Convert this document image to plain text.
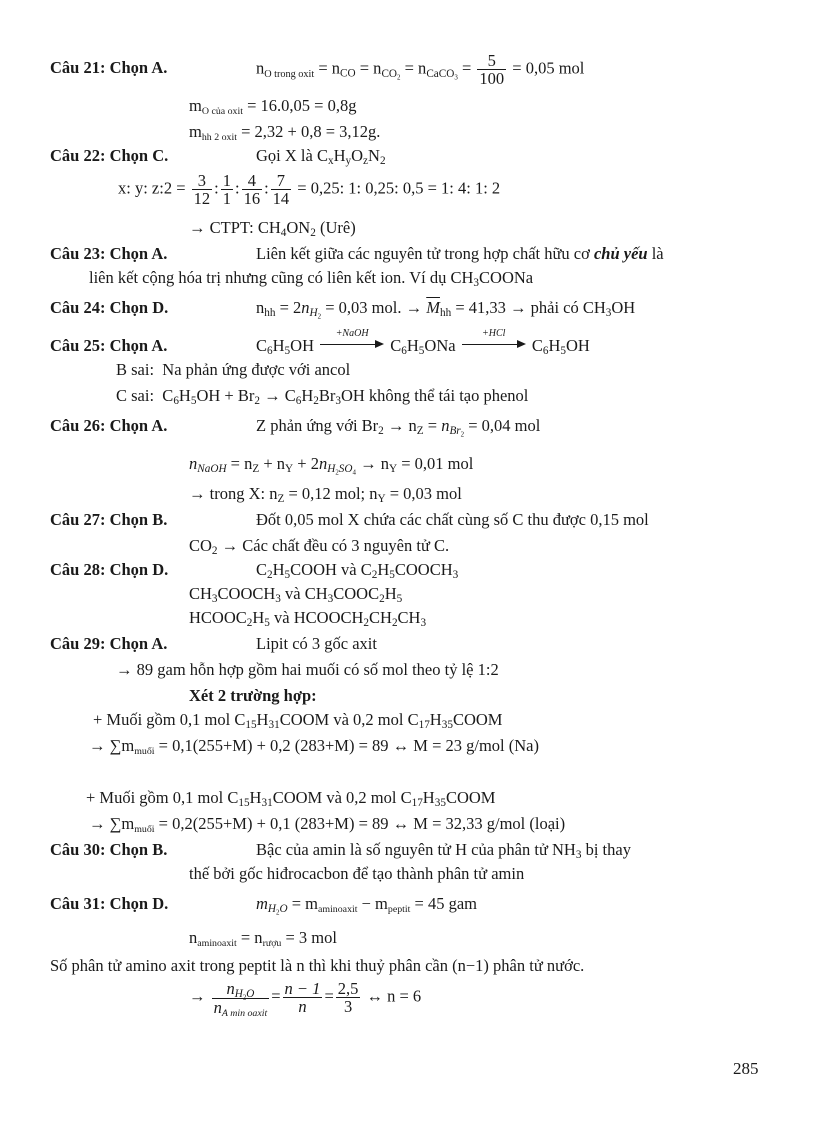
Câu 21: Chọn A.	$n_{O trong oxit} = n_{CO} = n_{CO_2} = n_{CaCO_3} = \frac{5}{100} = 0,05$ mol
$m_{O của oxit} = 16.0,05 = 0,8g$
$m_{hh 2 oxit} = 2,32 + 0,8 = 3,12g$.
Câu 22: Chọn C.	Gọi X là $C_xH_yO_zN_2$
x: y: z:2 = $\frac{3}{12}$ : $\frac{1}{1}$ : $\frac{4}{16}$ : $\frac{7}{14} = 0,25$: 1: 0,25: 0,5 = 1: 4: 1: 2
→ CTPT: $CH_4ON_2$ (Urê)
Câu 23: Chọn A.	Liên kết giữa các nguyên tử trong hợp chất hữu cơ chủ yếu là
liên kết cộng hóa trị nhưng cũng có liên kết ion. Ví dụ $CH_3COONa$
Câu 24: Chọn D.	$n_{hh} = 2n_{H_2} = 0,03$ mol. → $\overline{M}_{hh} = 41,33$ → phải có $CH_3OH$
Câu 25: Chọn A.	$C_6H_5OH$
+NaOH
$C_6H_5ONa$
+HCl
$C_6H_5OH$
B sai: Na phản ứng được với ancol
C sai: $C_6H_5OH + Br_2 \to C_6H_2Br_3OH$ không thể tái tạo phenol
Câu 26: Chọn A.	Z phản ứng với $Br_2 \to n_Z = n_{Br_2} = 0,04$ mol
$n_{NaOH} = n_Z + n_Y + 2n_{H_2SO_4} \to n_Y = 0,01$ mol
→ trong X: $n_Z = 0,12$ mol; $n_Y = 0,03$ mol
Câu 27: Chọn B.	Đốt 0,05 mol X chứa các chất cùng số C thu được 0,15 mol
$CO_2$ → Các chất đều có 3 nguyên tử C.
Câu 28: Chọn D.	$C_2H_5COOH$ và $C_2H_5COOCH_3$
$CH_3COOCH_3$ và $CH_3COOC_2H_5$
$HCOOC_2H_5$ và $HCOOCH_2CH_2CH_3$
Câu 29: Chọn A.	Lipit có 3 gốc axit
→ 89 gam hỗn hợp gồm hai muối có số mol theo tỷ lệ 1:2
Xét 2 trường hợp:
+ Muối gồm 0,1 mol $C_{15}H_{31}COOM$ và 0,2 mol $C_{17}H_{35}COOM$
→ $\sum m_{muối} = 0,1(255+M) + 0,2$ (283+M) = 89 ↔ M = 23 g/mol (Na)
+ Muối gồm 0,1 mol $C_{15}H_{31}COOM$ và 0,2 mol $C_{17}H_{35}COOM$
→ $\sum m_{muối} = 0,2(255+M) + 0,1$ (283+M) = 89 ↔ M = 32,33 g/mol (loại)
Câu 30: Chọn B.	Bậc của amin là số nguyên tử H của phân tử $NH_3$ bị thay
thế bởi gốc hiđrocacbon để tạo thành phân tử amin
Câu 31: Chọn D.	$m_{H_2O} = m_{aminoaxit} - m_{peptit} = 45$ gam
$n_{aminoaxit} = n_{rượu} = 3$ mol
Số phân tử amino axit trong peptit là n thì khi thuỷ phân cần (n−1) phân tử nước.
→ $\frac{n_{H_2O}}{n_{A min oaxit}} = \frac{n - 1}{n} = \frac{2,5}{3}$ ↔ n = 6
285
